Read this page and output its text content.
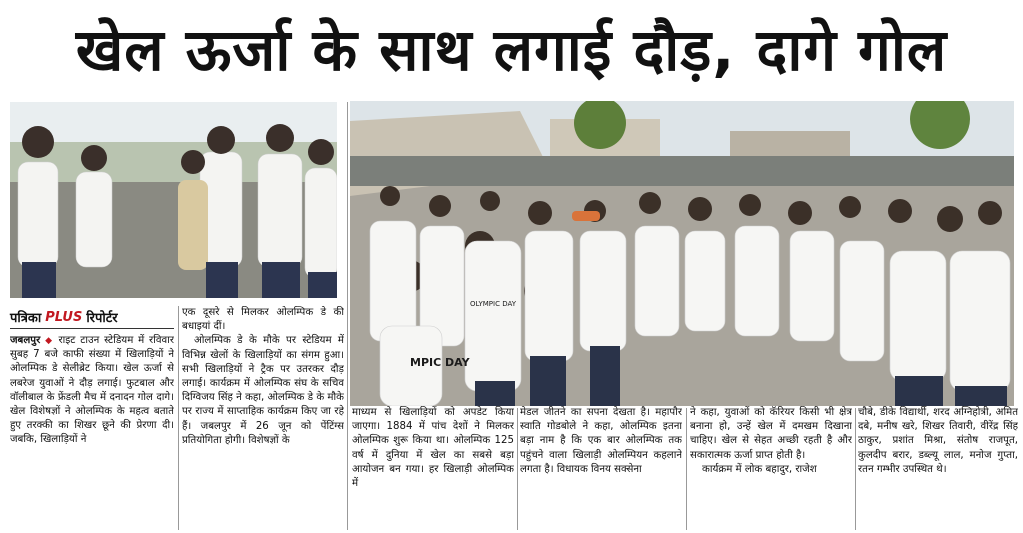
खेल ऊर्जा के साथ लगाई दौड़, दागे गोल
MPIC DAY
OLYMPIC DAY
पत्रिका PLUS रिपोर्टर

जबलपुर ◆ राइट टाउन स्टेडियम में रविवार सुबह 7 बजे काफी संख्या में खिलाड़ियों ने ओलम्पिक डे सेलीब्रेट किया। खेल ऊर्जा से लबरेज युवाओं ने दौड़ लगाई। फुटबाल और वॉलीबाल के फ्रेंडली मैच में दनादन गोल दागे। खेल विशेषज्ञों ने ओलम्पिक के महत्व बताते हुए तरक्की का शिखर छूने की प्रेरणा दी। जबकि, खिलाड़ियों ने

एक दूसरे से मिलकर ओलम्पिक डे की बधाइयां दीं।

ओलम्पिक डे के मौके पर स्टेडियम में विभिन्न खेलों के खिलाड़ियों का संगम हुआ। सभी खिलाड़ियों ने ट्रैक पर उतरकर दौड़ लगाई। कार्यक्रम में ओलम्पिक संघ के सचिव दिग्विजय सिंह ने कहा, ओलम्पिक डे के मौके पर राज्य में साप्ताहिक कार्यक्रम किए जा रहे हैं। जबलपुर में 26 जून को पेंटिंग्स प्रतियोगिता होगी। विशेषज्ञों के

माध्यम से खिलाड़ियों को अपडेट किया जाएगा। 1884 में पांच देशों ने मिलकर ओलम्पिक शुरू किया था। ओलम्पिक 125 वर्ष में दुनिया में खेल का सबसे बड़ा आयोजन बन गया। हर खिलाड़ी ओलम्पिक में

मेडल जीतने का सपना देखता है। महापौर स्वाति गोडबोले ने कहा, ओलम्पिक इतना बड़ा नाम है कि एक बार ओलम्पिक तक पहुंचने वाला खिलाड़ी ओलम्पियन कहलाने लगता है। विधायक विनय सक्सेना

ने कहा, युवाओं को कॅरियर किसी भी क्षेत्र बनाना हो, उन्हें खेल में दमखम दिखाना चाहिए। खेल से सेहत अच्छी रहती है और सकारात्मक ऊर्जा प्राप्त होती है।

कार्यक्रम में लोक बहादुर, राजेश

चौबे, डीके विद्यार्थी, शरद अग्निहोत्री, अमित दबे, मनीष खरे, शिखर तिवारी, वीरेंद्र सिंह ठाकुर, प्रशांत मिश्रा, संतोष राजपूत, कुलदीप बरार, डब्ल्यू लाल, मनोज गुप्ता, रतन गम्भीर उपस्थित थे।
